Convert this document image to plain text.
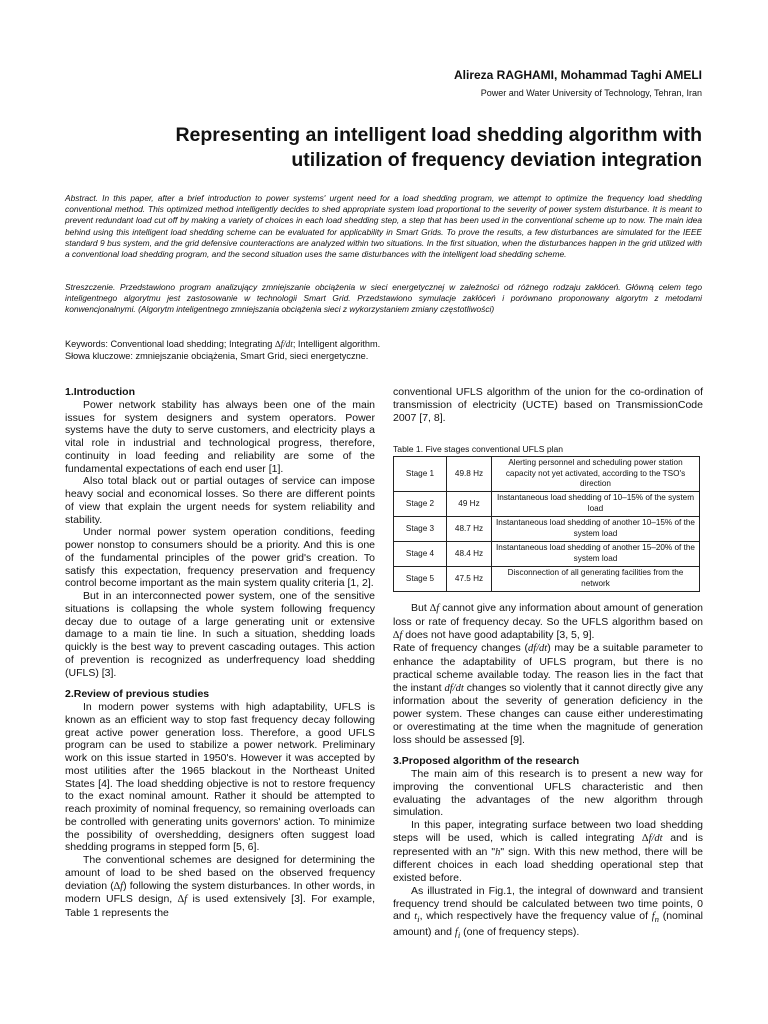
Alireza RAGHAMI, Mohammad Taghi AMELI
Power and Water University of Technology, Tehran, Iran
Representing an intelligent load shedding algorithm with
utilization of frequency deviation integration
Abstract. In this paper, after a brief introduction to power systems' urgent need for a load shedding program, we attempt to optimize the frequency load shedding conventional method. This optimized method intelligently decides to shed appropriate system load proportional to the severity of power system disturbance. It is meant to prevent redundant load cut off by making a variety of choices in each load shedding step, a step that has been used in the conventional scheme up to now. The main idea behind using this intelligent load shedding scheme can be evaluated for applicability in Smart Grids. To prove the results, a few disturbances are simulated for the IEEE standard 9 bus system, and the grid defensive counteractions are analyzed within two situations. In the first situation, when the disturbances happen in the grid utilized with a conventional load shedding program, and the second situation uses the same disturbances with the intelligent load shedding scheme.
Streszczenie. Przedstawiono program analizujący zmniejszanie obciążenia w sieci energetycznej w zależności od różnego rodzaju zakłóceń. Główną celem tego inteligentnego algorytmu jest zastosowanie w technologii Smart Grid. Przedstawiono symulacje zakłóceń i porównano proponowany algorytm z metodami konwencjonalnymi. (Algorytm inteligentnego zmniejszania obciążenia sieci z wykorzystaniem zmiany częstotliwości)
Keywords: Conventional load shedding; Integrating ∆f/dt; Intelligent algorithm.
Słowa kluczowe: zmniejszanie obciążenia, Smart Grid, sieci energetyczne.

1.Introduction

Power network stability has always been one of the main issues for system designers and system operators. Power systems have the duty to serve customers, and electricity plays a vital role in industrial and technological progress, therefore, continuity in load feeding and reliability are some of the fundamental expectations of each end user [1].

Also total black out or partial outages of service can impose heavy social and economical losses. So there are different points of view that explain the urgent needs for system reliability and stability.

Under normal power system operation conditions, feeding power nonstop to consumers should be a priority. And this is one of the fundamental principles of the power grid's creation. To satisfy this expectation, frequency preservation and frequency control become important as the main system quality criteria [1, 2].

But in an interconnected power system, one of the sensitive situations is collapsing the whole system following frequency decay due to outage of a large generating unit or extensive damage to a main tie line. In such a situation, shedding loads quickly is the best way to prevent cascading outages. This action of prevention is recognized as underfrequency load shedding (UFLS) [3].

2.Review of previous studies

In modern power systems with high adaptability, UFLS is known as an efficient way to stop fast frequency decay following great active power generation loss. Therefore, a good UFLS program can be used to stabilize a power network. Preliminary work on this issue started in 1950's. However it was accepted by most utilities after the 1965 blackout in the Northeast United States [4]. The load shedding objective is not to restore frequency to the exact nominal amount. Rather it should be attempted to reach proximity of nominal frequency, so remaining overloads can be controlled with generating units governors' action. To minimize the possibility of overshedding, designers often suggest load shedding programs in stepped form [5, 6].

The conventional schemes are designed for determining the amount of load to be shed based on the observed frequency deviation (∆f) following the system disturbances. In other words, in modern UFLS design, ∆f is used extensively [3]. For example, Table 1 represents the

conventional UFLS algorithm of the union for the co-ordination of transmission of electricity (UCTE) based on TransmissionCode 2007 [7, 8].

Table 1. Five stages conventional UFLS plan
Stage 1	49.8 Hz	Alerting personnel and scheduling power station capacity not yet activated, according to the TSO's direction
Stage 2	49 Hz	Instantaneous load shedding of 10–15% of the system load
Stage 3	48.7 Hz	Instantaneous load shedding of another 10–15% of the system load
Stage 4	48.4 Hz	Instantaneous load shedding of another 15–20% of the system load
Stage 5	47.5 Hz	Disconnection of all generating facilities from the network

But ∆f cannot give any information about amount of generation loss or rate of frequency decay. So the UFLS algorithm based on ∆f does not have good adaptability [3, 5, 9].

Rate of frequency changes (df/dt) may be a suitable parameter to enhance the adaptability of UFLS program, but there is no practical scheme available today. The reason lies in the fact that the instant df/dt changes so violently that it cannot directly give any information about the severity of generation deficiency in the power system. These changes can cause either underestimating or overestimating at the time when the magnitude of generation loss should be assessed [9].

3.Proposed algorithm of the research

The main aim of this research is to present a new way for improving the conventional UFLS characteristic and then evaluating the advantages of the new algorithm through simulation.

In this paper, integrating surface between two load shedding steps will be used, which is called integrating ∆f/dt and is represented with an "h" sign. With this new method, there will be different choices in each load shedding operational step that existed before.

As illustrated in Fig.1, the integral of downward and transient frequency trend should be calculated between two time points, 0 and $t_i$, which respectively have the frequency value of $f_n$ (nominal amount) and $f_i$ (one of frequency steps).
